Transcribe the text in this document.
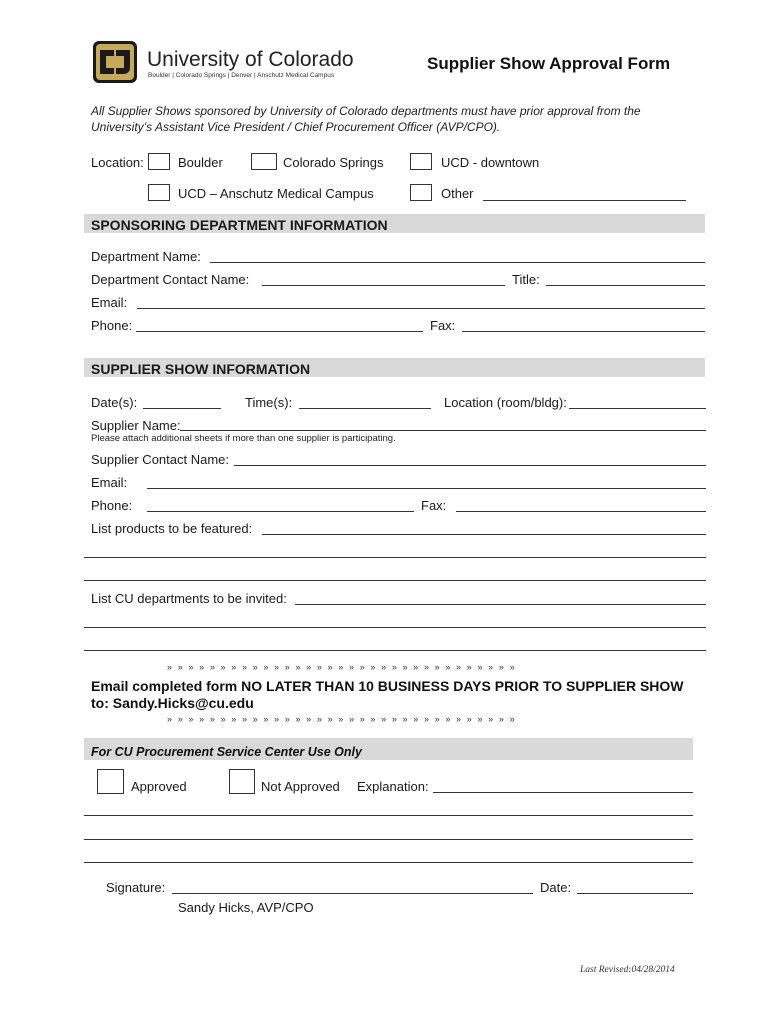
University of Colorado
Boulder | Colorado Springs | Denver | Anschutz Medical Campus
Supplier Show Approval Form
All Supplier Shows sponsored by University of Colorado departments must have prior approval from the
University’s Assistant Vice President / Chief Procurement Officer (AVP/CPO).
Location:	Boulder	Colorado Springs	UCD - downtown
UCD – Anschutz Medical Campus	Other
SPONSORING DEPARTMENT INFORMATION
Department Name:
Department Contact Name:	Title:
Email:
Phone:	Fax:
SUPPLIER SHOW INFORMATION
Date(s):	Time(s):	Location (room/bldg):
Supplier Name:
Please attach additional sheets if more than one supplier is participating.
Supplier Contact Name:
Email:
Phone:	Fax:
List products to be featured:
List CU departments to be invited:
» » » » » » » » » » » » » » » » » » » » » » » » » » » » » » » » »
Email completed form NO LATER THAN 10 BUSINESS DAYS PRIOR TO SUPPLIER SHOW
to: Sandy.Hicks@cu.edu
» » » » » » » » » » » » » » » » » » » » » » » » » » » » » » » » »
For CU Procurement Service Center Use Only
Approved	Not Approved Explanation:
Signature:	Date:
Sandy Hicks, AVP/CPO
Last Revised:04/28/2014
